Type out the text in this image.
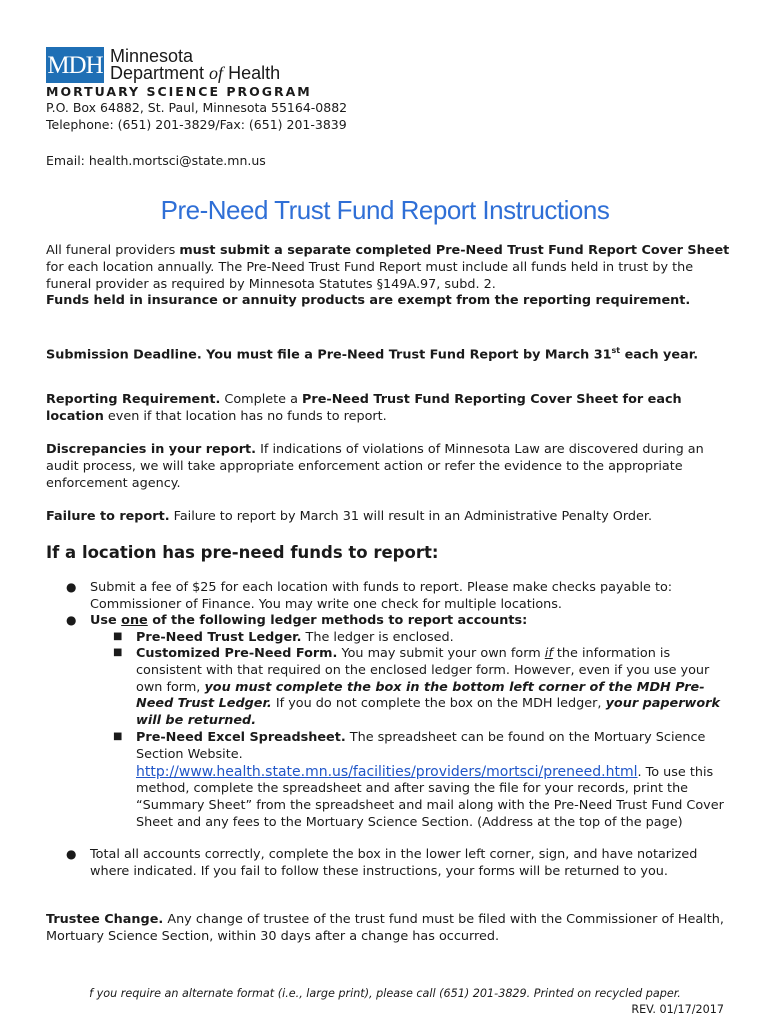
MDH Minnesota
Department of Health
MORTUARY SCIENCE PROGRAM
P.O. Box 64882, St. Paul, Minnesota 55164-0882
Telephone: (651) 201-3829/Fax: (651) 201-3839
Email: health.mortsci@state.mn.us
Pre-Need Trust Fund Report Instructions
All funeral providers must submit a separate completed Pre-Need Trust Fund Report Cover Sheet for each location annually. The Pre-Need Trust Fund Report must include all funds held in trust by the funeral provider as required by Minnesota Statutes §149A.97, subd. 2.
Funds held in insurance or annuity products are exempt from the reporting requirement.
Submission Deadline. You must file a Pre-Need Trust Fund Report by March 31st each year.
Reporting Requirement. Complete a Pre-Need Trust Fund Reporting Cover Sheet for each location even if that location has no funds to report.
Discrepancies in your report. If indications of violations of Minnesota Law are discovered during an audit process, we will take appropriate enforcement action or refer the evidence to the appropriate enforcement agency.
Failure to report. Failure to report by March 31 will result in an Administrative Penalty Order.
If a location has pre-need funds to report:
● Submit a fee of $25 for each location with funds to report. Please make checks payable to: Commissioner of Finance. You may write one check for multiple locations.
● Use one of the following ledger methods to report accounts:
■ Pre-Need Trust Ledger. The ledger is enclosed.
■ Customized Pre-Need Form. You may submit your own form if the information is consistent with that required on the enclosed ledger form. However, even if you use your own form, you must complete the box in the bottom left corner of the MDH Pre-Need Trust Ledger. If you do not complete the box on the MDH ledger, your paperwork will be returned.
■ Pre-Need Excel Spreadsheet. The spreadsheet can be found on the Mortuary Science Section Website.
http://www.health.state.mn.us/facilities/providers/mortsci/preneed.html. To use this method, complete the spreadsheet and after saving the file for your records, print the “Summary Sheet” from the spreadsheet and mail along with the Pre-Need Trust Fund Cover Sheet and any fees to the Mortuary Science Section. (Address at the top of the page)
● Total all accounts correctly, complete the box in the lower left corner, sign, and have notarized where indicated. If you fail to follow these instructions, your forms will be returned to you.
Trustee Change. Any change of trustee of the trust fund must be filed with the Commissioner of Health, Mortuary Science Section, within 30 days after a change has occurred.
f you require an alternate format (i.e., large print), please call (651) 201-3829. Printed on recycled paper.
REV. 01/17/2017
